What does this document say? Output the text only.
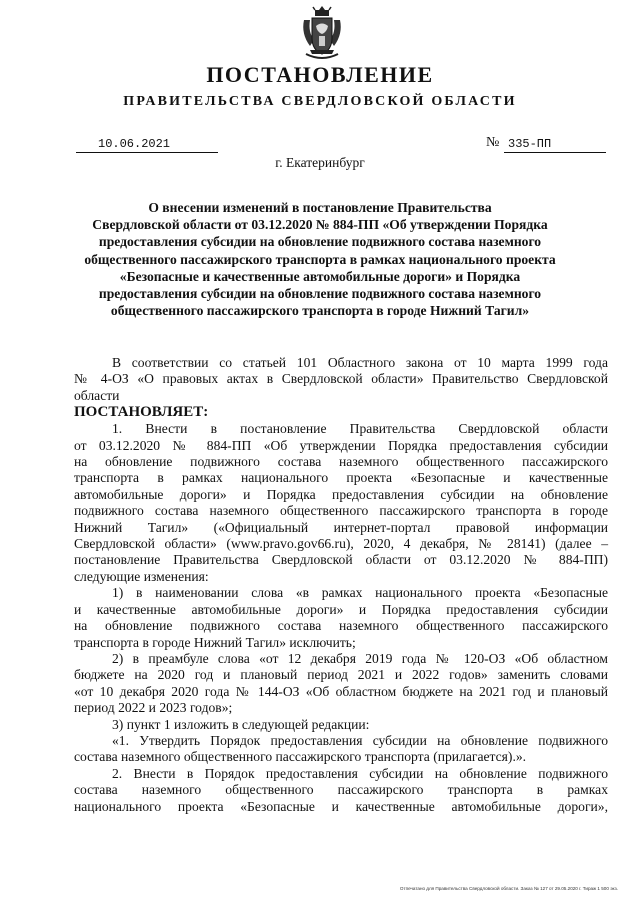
ПОСТАНОВЛЕНИЕ
ПРАВИТЕЛЬСТВА СВЕРДЛОВСКОЙ ОБЛАСТИ
10.06.2021	№ 335-ПП
г. Екатеринбург
О внесении изменений в постановление Правительства
Свердловской области от 03.12.2020 № 884-ПП «Об утверждении Порядка
предоставления субсидии на обновление подвижного состава наземного
общественного пассажирского транспорта в рамках национального проекта
«Безопасные и качественные автомобильные дороги» и Порядка
предоставления субсидии на обновление подвижного состава наземного
общественного пассажирского транспорта в городе Нижний Тагил»
В соответствии со статьей 101 Областного закона от 10 марта 1999 года
№ 4-ОЗ «О правовых актах в Свердловской области» Правительство Свердловской
области
ПОСТАНОВЛЯЕТ:
1. Внести в постановление Правительства Свердловской области
от 03.12.2020 № 884-ПП «Об утверждении Порядка предоставления субсидии
на обновление подвижного состава наземного общественного пассажирского
транспорта в рамках национального проекта «Безопасные и качественные
автомобильные дороги» и Порядка предоставления субсидии на обновление
подвижного состава наземного общественного пассажирского транспорта в городе
Нижний Тагил» («Официальный интернет-портал правовой информации
Свердловской области» (www.pravo.gov66.ru), 2020, 4 декабря, № 28141) (далее –
постановление Правительства Свердловской области от 03.12.2020 № 884-ПП)
следующие изменения:
1) в наименовании слова «в рамках национального проекта «Безопасные
и качественные автомобильные дороги» и Порядка предоставления субсидии
на обновление подвижного состава наземного общественного пассажирского
транспорта в городе Нижний Тагил» исключить;
2) в преамбуле слова «от 12 декабря 2019 года № 120-ОЗ «Об областном
бюджете на 2020 год и плановый период 2021 и 2022 годов» заменить словами
«от 10 декабря 2020 года № 144-ОЗ «Об областном бюджете на 2021 год и плановый
период 2022 и 2023 годов»;
3) пункт 1 изложить в следующей редакции:
«1. Утвердить Порядок предоставления субсидии на обновление подвижного
состава наземного общественного пассажирского транспорта (прилагается).».
2. Внести в Порядок предоставления субсидии на обновление подвижного
состава наземного общественного пассажирского транспорта в рамках
национального проекта «Безопасные и качественные автомобильные дороги»,
Отпечатано для Правительства Свердловской области. Заказ № 127 от 29.05.2020 г. Тираж 1 500 экз.
